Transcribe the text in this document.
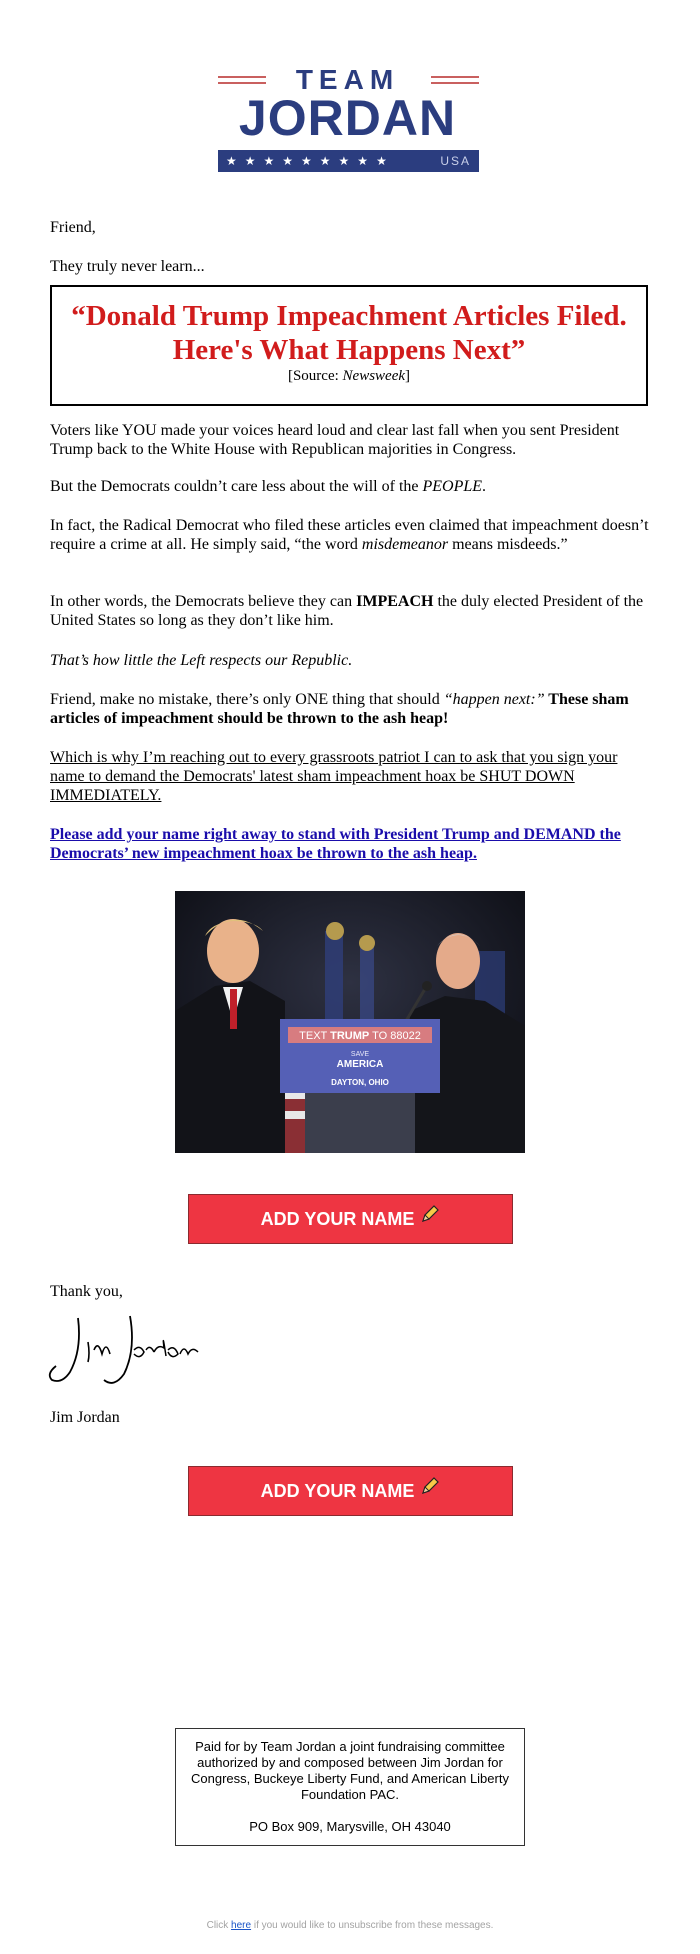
TEAM
JORDAN
★★★★★★★★★	USA
Friend,
They truly never learn...
“Donald Trump Impeachment Articles Filed. Here's What Happens Next”
[Source: Newsweek]
Voters like YOU made your voices heard loud and clear last fall when you sent President Trump back to the White House with Republican majorities in Congress.
But the Democrats couldn’t care less about the will of the PEOPLE.
In fact, the Radical Democrat who filed these articles even claimed that impeachment doesn’t require a crime at all. He simply said, “the word misdemeanor means misdeeds.”
In other words, the Democrats believe they can IMPEACH the duly elected President of the United States so long as they don’t like him.
That’s how little the Left respects our Republic.
Friend, make no mistake, there’s only ONE thing that should “happen next:” These sham articles of impeachment should be thrown to the ash heap!
Which is why I’m reaching out to every grassroots patriot I can to ask that you sign your name to demand the Democrats' latest sham impeachment hoax be SHUT DOWN IMMEDIATELY.
Please add your name right away to stand with President Trump and DEMAND the Democrats’ new impeachment hoax be thrown to the ash heap.
TEXT TRUMP TO 88022
SAVE
AMERICA
DAYTON, OHIO
ADD YOUR NAME
Thank you,
Jim Jordan
ADD YOUR NAME
Paid for by Team Jordan a joint fundraising committee authorized by and composed between Jim Jordan for Congress, Buckeye Liberty Fund, and American Liberty Foundation PAC.
PO Box 909, Marysville, OH 43040
Click here if you would like to unsubscribe from these messages.
